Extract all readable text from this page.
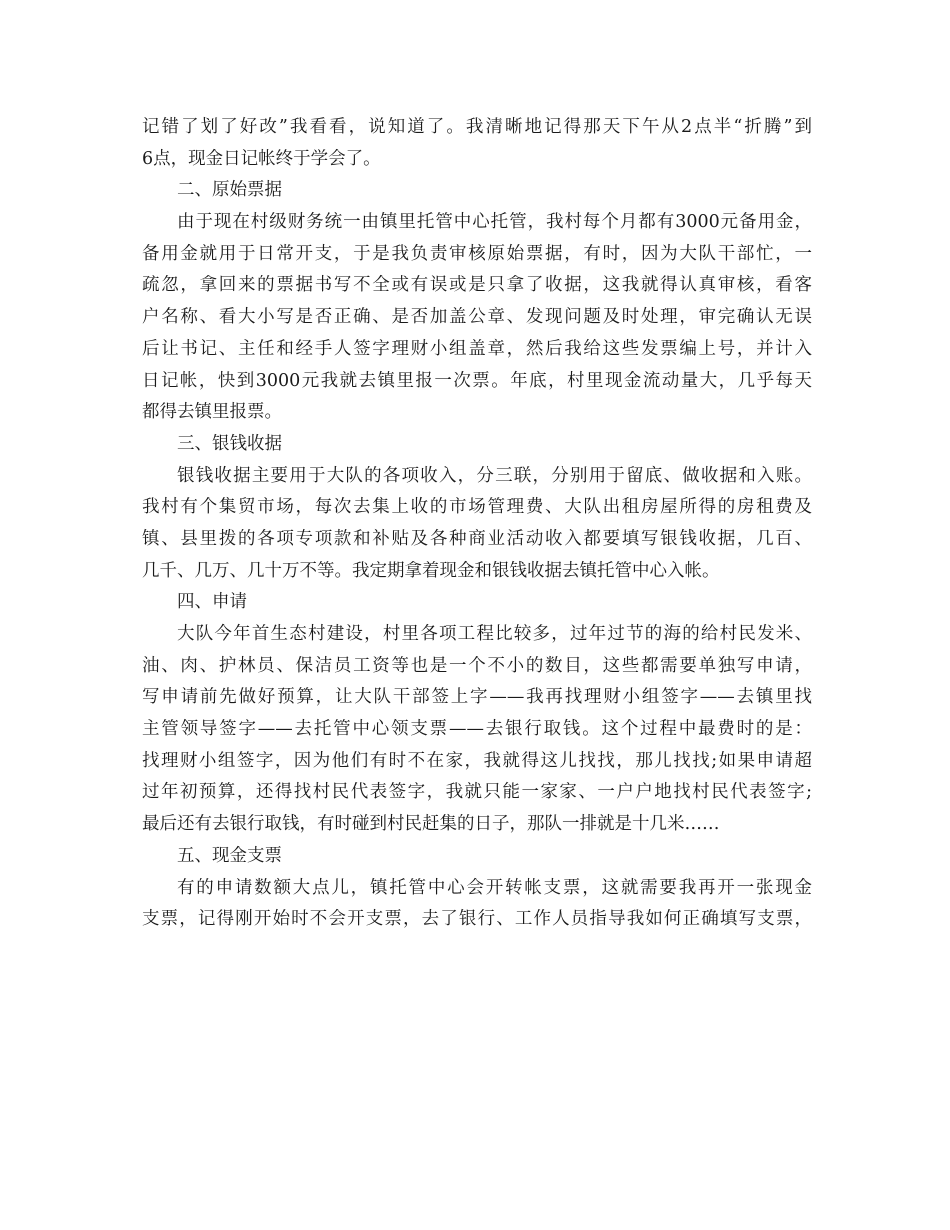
记错了划了好改”我看看，说知道了。我清晰地记得那天下午从2点半“折腾”到
6点，现金日记帐终于学会了。
二、原始票据
由于现在村级财务统一由镇里托管中心托管，我村每个月都有3000元备用金，
备用金就用于日常开支，于是我负责审核原始票据，有时，因为大队干部忙，一
疏忽，拿回来的票据书写不全或有误或是只拿了收据，这我就得认真审核，看客
户名称、看大小写是否正确、是否加盖公章、发现问题及时处理，审完确认无误
后让书记、主任和经手人签字理财小组盖章，然后我给这些发票编上号，并计入
日记帐，快到3000元我就去镇里报一次票。年底，村里现金流动量大，几乎每天
都得去镇里报票。
三、银钱收据
银钱收据主要用于大队的各项收入，分三联，分别用于留底、做收据和入账。
我村有个集贸市场，每次去集上收的市场管理费、大队出租房屋所得的房租费及
镇、县里拨的各项专项款和补贴及各种商业活动收入都要填写银钱收据，几百、
几千、几万、几十万不等。我定期拿着现金和银钱收据去镇托管中心入帐。
四、申请
大队今年首生态村建设，村里各项工程比较多，过年过节的海的给村民发米、
油、肉、护林员、保洁员工资等也是一个不小的数目，这些都需要单独写申请，
写申请前先做好预算，让大队干部签上字——我再找理财小组签字——去镇里找
主管领导签字——去托管中心领支票——去银行取钱。这个过程中最费时的是：
找理财小组签字，因为他们有时不在家，我就得这儿找找，那儿找找;如果申请超
过年初预算，还得找村民代表签字，我就只能一家家、一户户地找村民代表签字;
最后还有去银行取钱，有时碰到村民赶集的日子，那队一排就是十几米……
五、现金支票
有的申请数额大点儿，镇托管中心会开转帐支票，这就需要我再开一张现金
支票，记得刚开始时不会开支票，去了银行、工作人员指导我如何正确填写支票，
